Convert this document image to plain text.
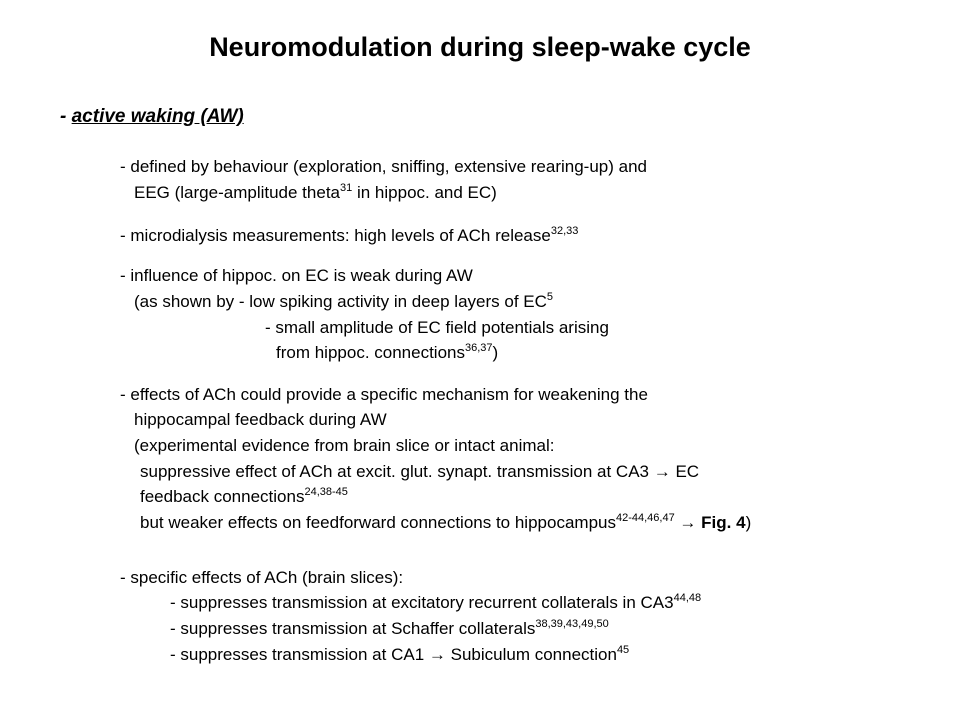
Neuromodulation during sleep-wake cycle
- active waking (AW)
- defined by behaviour (exploration, sniffing, extensive rearing-up) and
EEG (large-amplitude theta$^{31}$ in hippoc. and EC)
- microdialysis measurements: high levels of ACh release$^{32,33}$
- influence of hippoc. on EC is weak during AW
(as shown by - low spiking activity in deep layers of $EC^5$
- small amplitude of EC field potentials arising
from hippoc. connections$^{36,37}$)
- effects of ACh could provide a specific mechanism for weakening the
hippocampal feedback during AW
(experimental evidence from brain slice or intact animal:
suppressive effect of ACh at excit. glut. synapt. transmission at CA3 → EC
feedback connections$^{24,38-45}$
but weaker effects on feedforward connections to hippocampus$^{42-44,46,47}$ → Fig. 4)
- specific effects of ACh (brain slices):
- suppresses transmission at excitatory recurrent collaterals in CA3$^{44,48}$
- suppresses transmission at Schaffer collaterals$^{38,39,43,49,50}$
- suppresses transmission at CA1 → Subiculum connection$^{45}$
